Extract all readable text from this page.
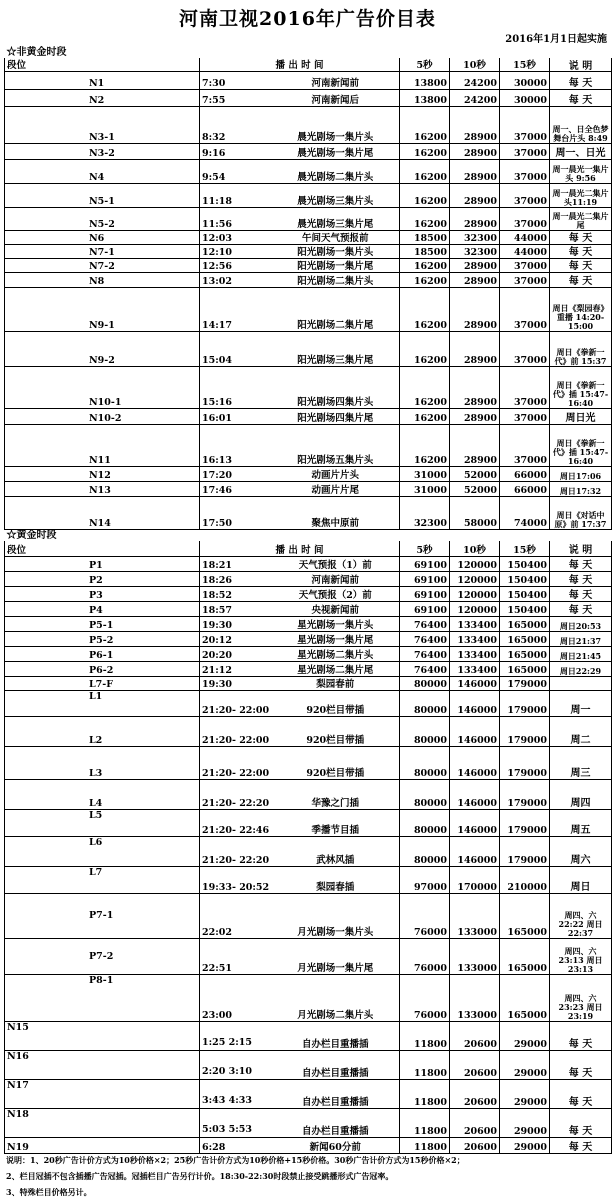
河南卫视2016年广告价目表
2016年1月1日起实施
☆非黄金时段						
段位	播 出 时 间		5秒	10秒	15秒	说 明
N1	7:30	河南新闻前	13800	24200	30000	每 天
N2	7:55	河南新闻后	13800	24200	30000	每 天
N3-1	8:32	晨光剧场一集片头	16200	28900	37000	周一、日全色梦舞台片头 8:49
N3-2	9:16	晨光剧场一集片尾	16200	28900	37000	周一、日光
N4	9:54	晨光剧场二集片头	16200	28900	37000	周一晨光一集片头 9:56
N5-1	11:18	晨光剧场三集片头	16200	28900	37000	周一晨光二集片头11:19
N5-2	11:56	晨光剧场三集片尾	16200	28900	37000	周一晨光二集片尾
N6	12:03	午间天气预报前	18500	32300	44000	每 天
N7-1	12:10	阳光剧场一集片头	18500	32300	44000	每 天
N7-2	12:56	阳光剧场一集片尾	16200	28900	37000	每 天
N8	13:02	阳光剧场二集片头	16200	28900	37000	每 天
N9-1	14:17	阳光剧场二集片尾	16200	28900	37000	周日《梨园春》重播 14:20-15:00
N9-2	15:04	阳光剧场三集片尾	16200	28900	37000	周日《拳新一代》前 15:37
N10-1	15:16	阳光剧场四集片头	16200	28900	37000	周日《拳新一代》插 15:47-16:40
N10-2	16:01	阳光剧场四集片尾	16200	28900	37000	周日光
N11	16:13	阳光剧场五集片头	16200	28900	37000	周日《拳新一代》插 15:47-16:40
N12	17:20	动画片片头	31000	52000	66000	周日17:06
N13	17:46	动画片片尾	31000	52000	66000	周日17:32
N14	17:50	聚焦中原前	32300	58000	74000	周日《对话中原》前 17:37
☆黄金时段						
段位	播 出 时 间		5秒	10秒	15秒	说 明
P1	18:21	天气预报（1）前	69100	120000	150400	每 天
P2	18:26	河南新闻前	69100	120000	150400	每 天
P3	18:52	天气预报（2）前	69100	120000	150400	每 天
P4	18:57	央视新闻前	69100	120000	150400	每 天
P5-1	19:30	星光剧场一集片头	76400	133400	165000	周日20:53
P5-2	20:12	星光剧场一集片尾	76400	133400	165000	周日21:37
P6-1	20:20	星光剧场二集片头	76400	133400	165000	周日21:45
P6-2	21:12	星光剧场二集片尾	76400	133400	165000	周日22:29
L7-F	19:30	梨园春前	80000	146000	179000	
L1	21:20- 22:00	920栏目带插	80000	146000	179000	周一
L2	21:20- 22:00	920栏目带插	80000	146000	179000	周二
L3	21:20- 22:00	920栏目带插	80000	146000	179000	周三
L4	21:20- 22:20	华豫之门插	80000	146000	179000	周四
L5	21:20- 22:46	季播节目插	80000	146000	179000	周五
L6	21:20- 22:20	武林风插	80000	146000	179000	周六
L7	19:33- 20:52	梨园春插	97000	170000	210000	周日
P7-1	22:02	月光剧场一集片头	76000	133000	165000	周四、六22:22 周日22:37
P7-2	22:51	月光剧场一集片尾	76000	133000	165000	周四、六23:13 周日23:13
P8-1	23:00	月光剧场二集片头	76000	133000	165000	周四、六23:23 周日23:19
N15	1:25 2:15	自办栏目重播插	11800	20600	29000	每 天
N16	2:20 3:10	自办栏目重播插	11800	20600	29000	每 天
N17	3:43 4:33	自办栏目重播插	11800	20600	29000	每 天
N18	5:03 5:53	自办栏目重播插	11800	20600	29000	每 天
N19	6:28	新闻60分前	11800	20600	29000	每 天
说明：1、20秒广告计价方式为10秒价格×2；25秒广告计价方式为10秒价格+15秒价格。30秒广告计价方式为15秒价格×2；
2、栏目冠插不包含插播广告冠插。冠插栏目广告另行计价。18:30-22:30时段禁止接受跳播形式广告冠率。
3、特殊栏目价格另计。
